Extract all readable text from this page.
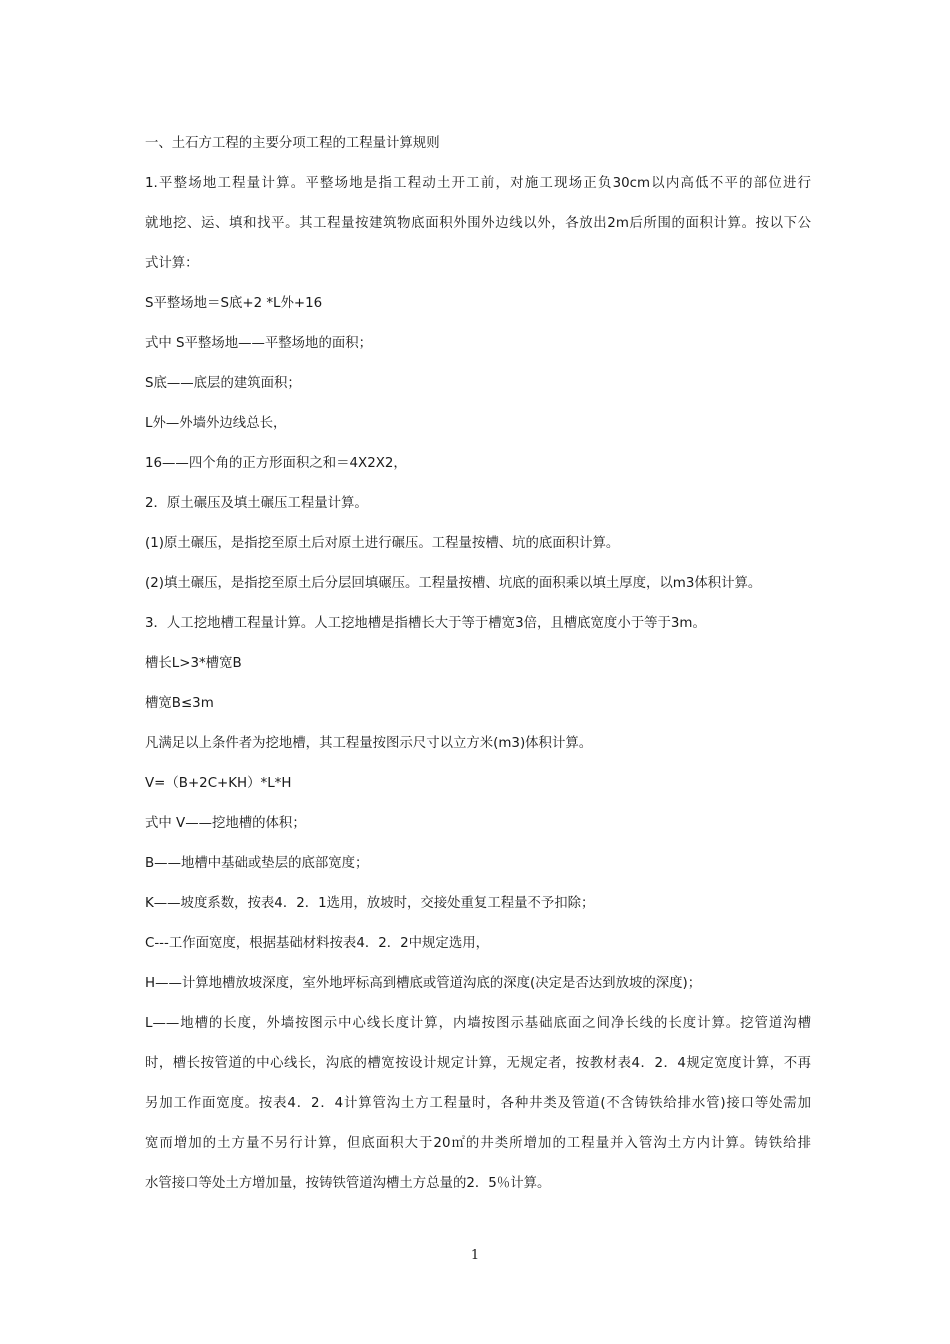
一、土石方工程的主要分项工程的工程量计算规则
1.平整场地工程量计算。平整场地是指工程动土开工前，对施工现场正负30cm以内高低不平的部位进行
就地挖、运、填和找平。其工程量按建筑物底面积外围外边线以外，各放出2m后所围的面积计算。按以下公
式计算：
S平整场地＝S底+2 *L外+16
式中 S平整场地——平整场地的面积；
S底——底层的建筑面积；
L外—外墙外边线总长，
16——四个角的正方形面积之和＝4X2X2，
2．原土碾压及填土碾压工程量计算。
(1)原土碾压，是指挖至原土后对原土进行碾压。工程量按槽、坑的底面积计算。
(2)填土碾压，是指挖至原土后分层回填碾压。工程量按槽、坑底的面积乘以填土厚度，以m3体积计算。
3．人工挖地槽工程量计算。人工挖地槽是指槽长大于等于槽宽3倍，且槽底宽度小于等于3m。
槽长L>3*槽宽B
槽宽B≤3m
凡满足以上条件者为挖地槽，其工程量按图示尺寸以立方米(m3)体积计算。
V=（B+2C+KH）*L*H
式中 V——挖地槽的体积；
B——地槽中基础或垫层的底部宽度；
K——坡度系数，按表4．2．1选用，放坡时，交接处重复工程量不予扣除；
C---工作面宽度，根据基础材料按表4．2．2中规定选用，
H——计算地槽放坡深度，室外地坪标高到槽底或管道沟底的深度(决定是否达到放坡的深度)；
L——地槽的长度，外墙按图示中心线长度计算，内墙按图示基础底面之间净长线的长度计算。挖管道沟槽
时，槽长按管道的中心线长，沟底的槽宽按设计规定计算，无规定者，按教材表4．2．4规定宽度计算，不再
另加工作面宽度。按表4．2．4计算管沟土方工程量时，各种井类及管道(不含铸铁给排水管)接口等处需加
宽而增加的土方量不另行计算，但底面积大于20㎡的井类所增加的工程量并入管沟土方内计算。铸铁给排
水管接口等处土方增加量，按铸铁管道沟槽土方总量的2．5％计算。
1
